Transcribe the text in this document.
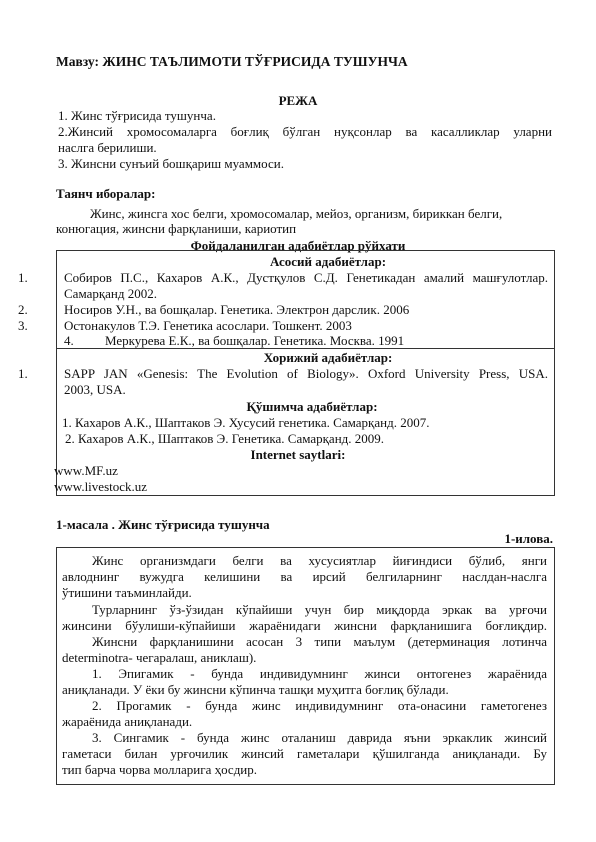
Мавзу: ЖИНС ТАЪЛИМОТИ ТЎҒРИСИДА ТУШУНЧА
РЕЖА
1. Жинс тўғрисида тушунча.
2.Жинсий хромосомаларга боғлиқ бўлган нуқсонлар ва касалликлар уларни
наслга берилиши.
3. Жинсни сунъий бошқариш муаммоси.
Таянч иборалар:
Жинс, жинсга хос белги, хромосомалар, мейоз, организм, бириккан белги,
конюгация, жинсни фарқланиши, кариотип
Фойдаланилган адабиётлар рўйхати
Асосий адабиётлар:
1.	Собиров П.С., Кахаров А.К., Дустқулов С.Д. Генетикадан амалий машғулотлар.
Самарқанд 2002.
2.	Носиров У.Н., ва бошқалар. Генетика. Электрон дарслик. 2006
3.	Остонакулов Т.Э. Генетика асослари. Тошкент. 2003
4. Меркурева Е.К., ва бошқалар. Генетика. Москва. 1991
Хорижий адабиётлар:
1.	SAPP JAN «Genesis: The Evolution of Biology». Oxford University Press, USA.
2003, USA.
Қўшимча адабиётлар:
1. Кахаров А.К., Шаптаков Э. Хусусий генетика. Самарқанд. 2007.
2. Кахаров А.К., Шаптаков Э. Генетика. Самарқанд. 2009.
Internet saytlari:
www.MF.uz
www.livestock.uz
1-масала . Жинс тўғрисида тушунча
1-илова.
Жинс организмдаги белги ва хусусиятлар йиғиндиси бўлиб, янги
авлоднинг вужудга келишини ва ирсий белгиларнинг наслдан-наслга
ўтишини таъминлайди.
Турларнинг ўз-ўзидан кўпайиши учун бир миқдорда эркак ва урғочи
жинсини бўулиши-кўпайиши жараёнидаги жинсни фарқланишига боғлиқдир.
Жинсни фарқланишини асосан 3 типи маълум (детерминация лотинча
determinotra- чегаралаш, аниклаш).
1. Эпигамик - бунда индивидумнинг жинси онтогенез жараёнида
аниқланади. У ёки бу жинсни кўпинча ташқи муҳитга боғлиқ бўлади.
2. Прогамик - бунда жинс индивидумнинг ота-онасини гаметогенез
жараёнида аниқланади.
3. Сингамик - бунда жинс оталаниш даврида яъни эркаклик жинсий
гаметаси билан урғочилик жинсий гаметалари қўшилганда аниқланади. Бу
тип барча чорва молларига ҳосдир.
